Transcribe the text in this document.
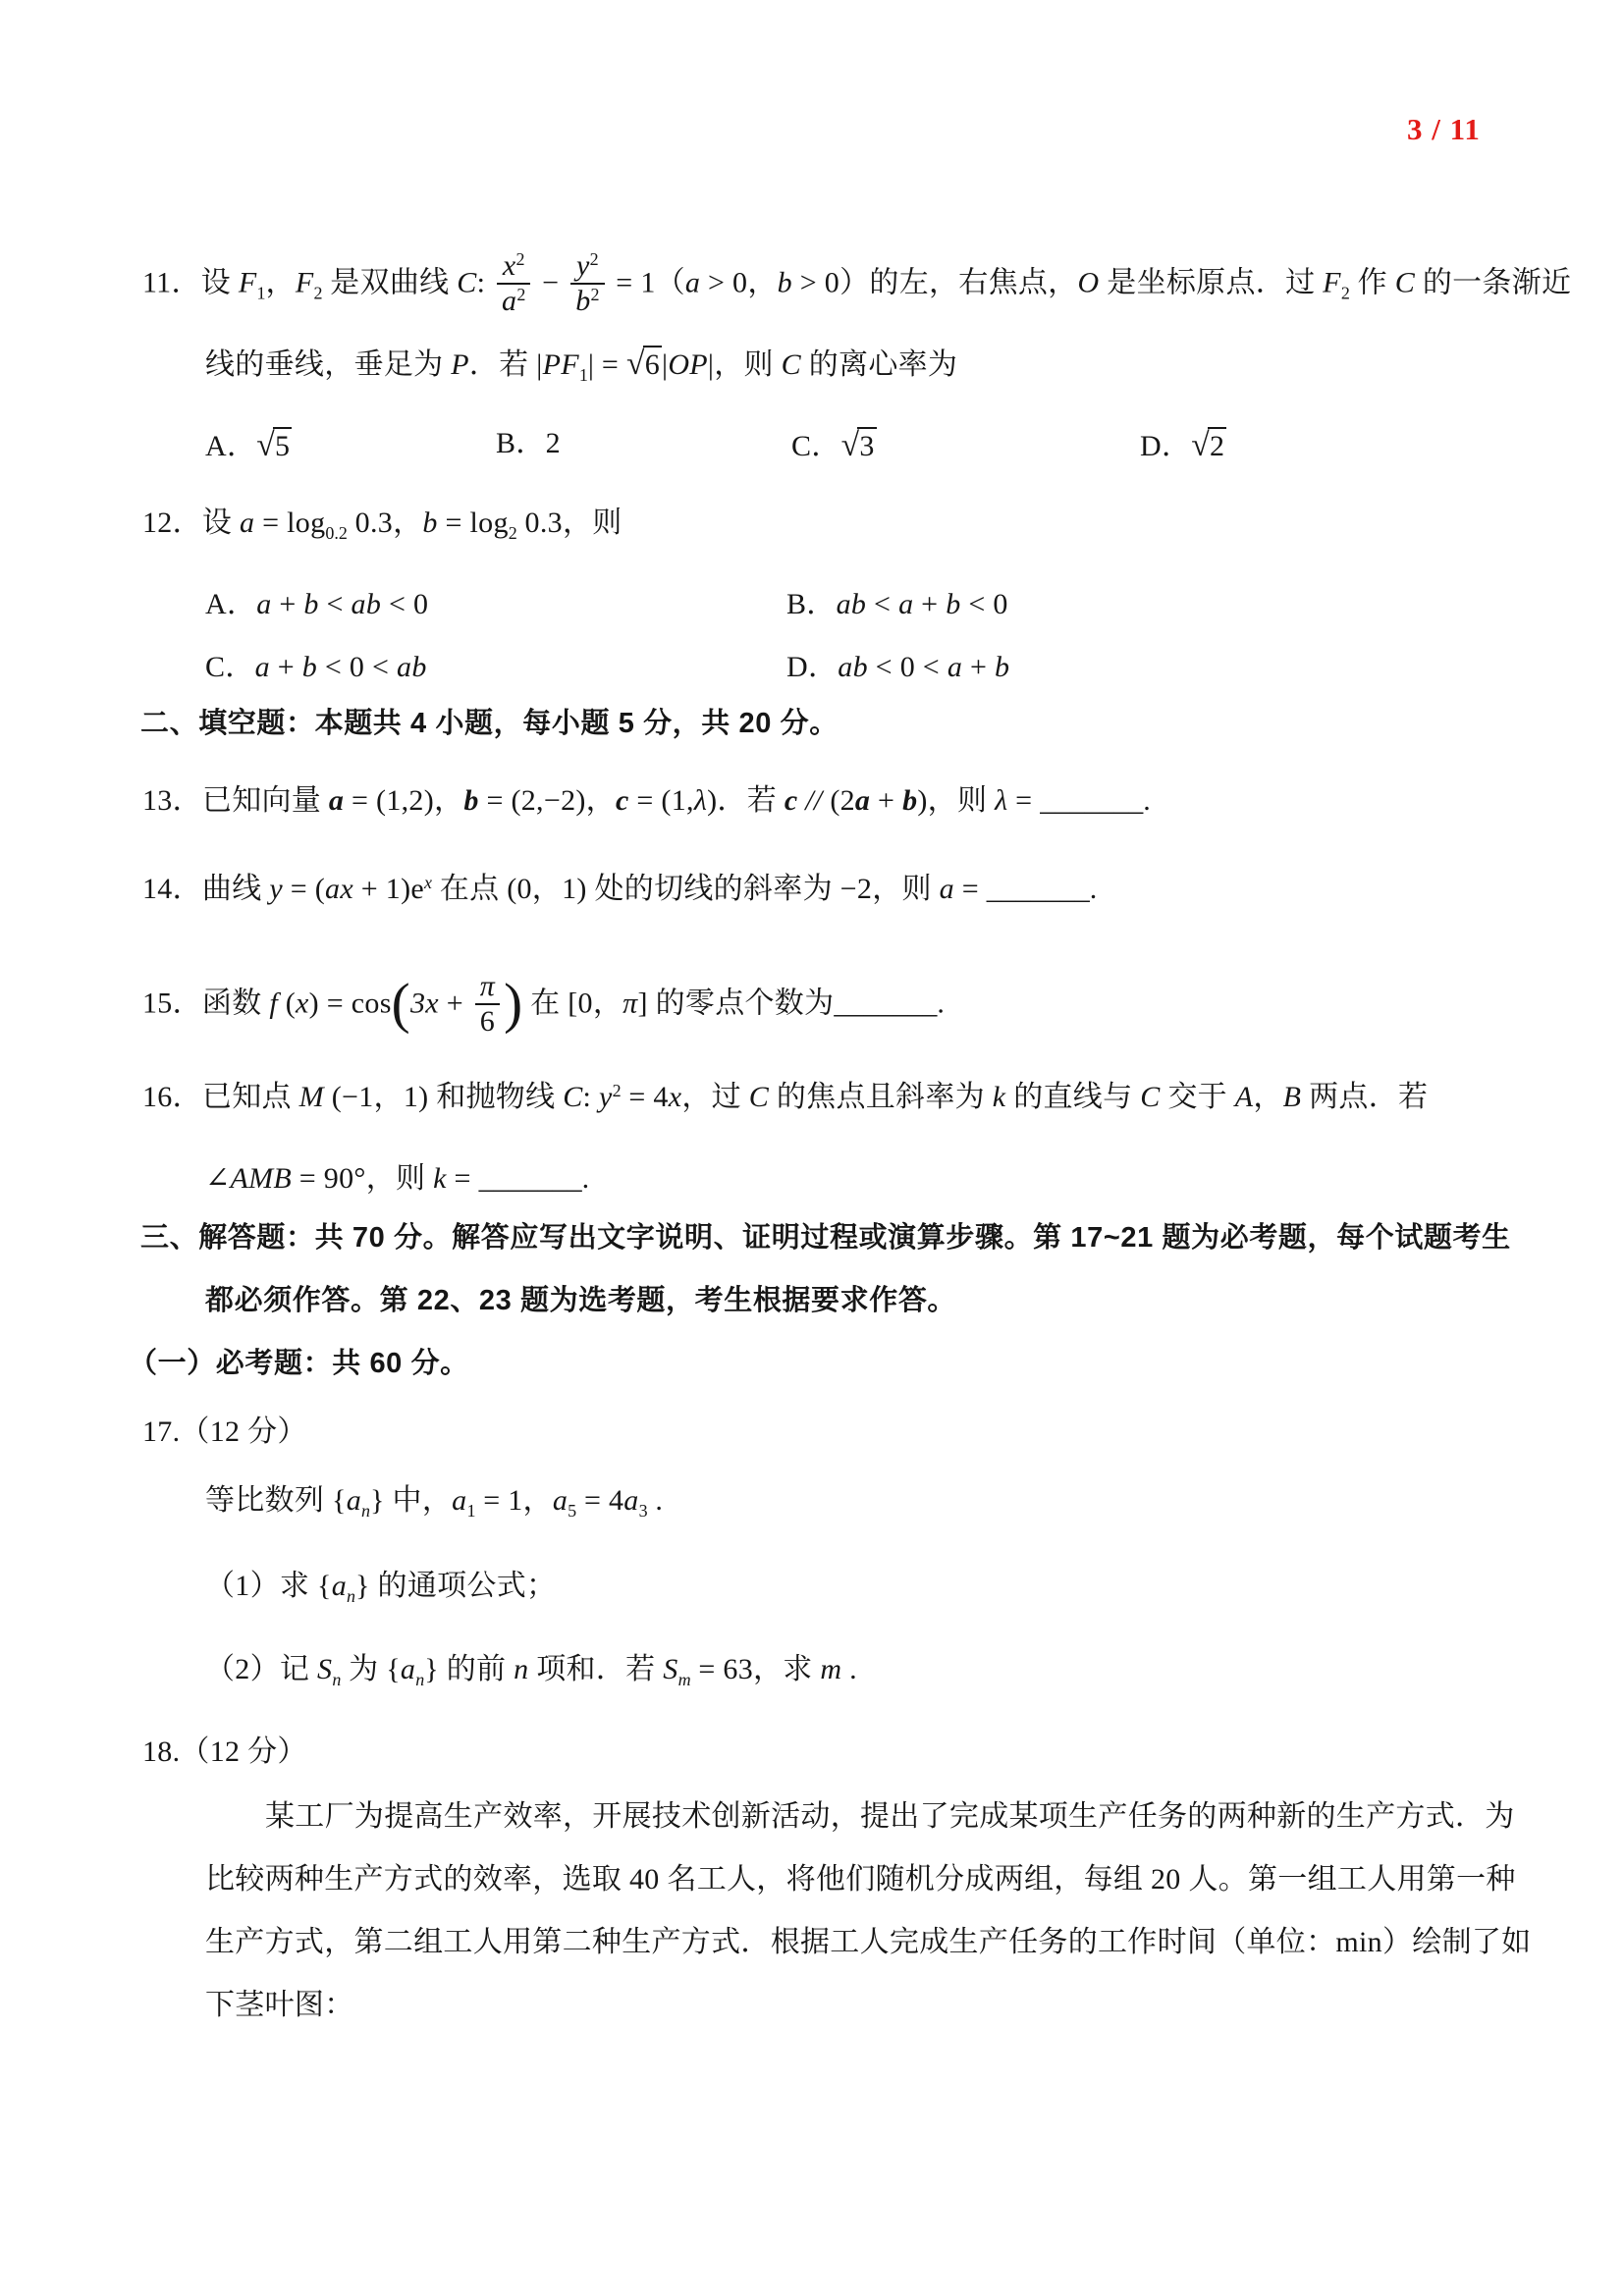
3 / 11
11．设 $F_1$，$F_2$ 是双曲线 C: $\frac{x^2}{a^2} - \frac{y^2}{b^2} = 1(a > 0$，b > 0）的左，右焦点，O 是坐标原点．过 $F_2$ 作 C 的一条渐近
线的垂线，垂足为 P．若 $|PF_1| = √6|OP|$，则 C 的离心率为
A．√5	B．2	C．√3	D．√2
12．设 $a = \log_{0.2} 0.3$，$b = \log_2 0.3$，则
A．a + b < ab < 0	B．ab < a + b < 0
C．a + b < 0 < ab	D．ab < 0 < a + b
二、填空题：本题共 4 小题，每小题 5 分，共 20 分。
13．已知向量 a = (1,2)，b = (2,−2)，c = (1,λ)．若 c // (2a + b)，则 λ = _______.
14．曲线 $y = (ax + 1)e^x$ 在点 (0，1) 处的切线的斜率为 −2，则 a = _______.
15．函数 f $(x) = \cos(3x + \frac{\pi}{6}$ ) 在 [0，π] 的零点个数为_______.
16．已知点 M (−1，1) 和抛物线 C: $y^2 = 4x$，过 C 的焦点且斜率为 k 的直线与 C 交于 A，B 两点．若
∠AMB = 90°，则 k = _______.
三、解答题：共 70 分。解答应写出文字说明、证明过程或演算步骤。第 17~21 题为必考题，每个试题考生
都必须作答。第 22、23 题为选考题，考生根据要求作答。
（一）必考题：共 60 分。
17.（12 分）
等比数列 $\{a_n\}$ 中，$a_1 = 1$，$a_5 = 4a_3$ .
（1）求 $\{a_n\}$ 的通项公式；
（2）记 $S_n$ 为 $\{a_n\}$ 的前 n 项和．若 $S_m = 63$，求 m .
18.（12 分）
某工厂为提高生产效率，开展技术创新活动，提出了完成某项生产任务的两种新的生产方式．为
比较两种生产方式的效率，选取 40 名工人，将他们随机分成两组，每组 20 人。第一组工人用第一种
生产方式，第二组工人用第二种生产方式．根据工人完成生产任务的工作时间（单位：min）绘制了如
下茎叶图：
